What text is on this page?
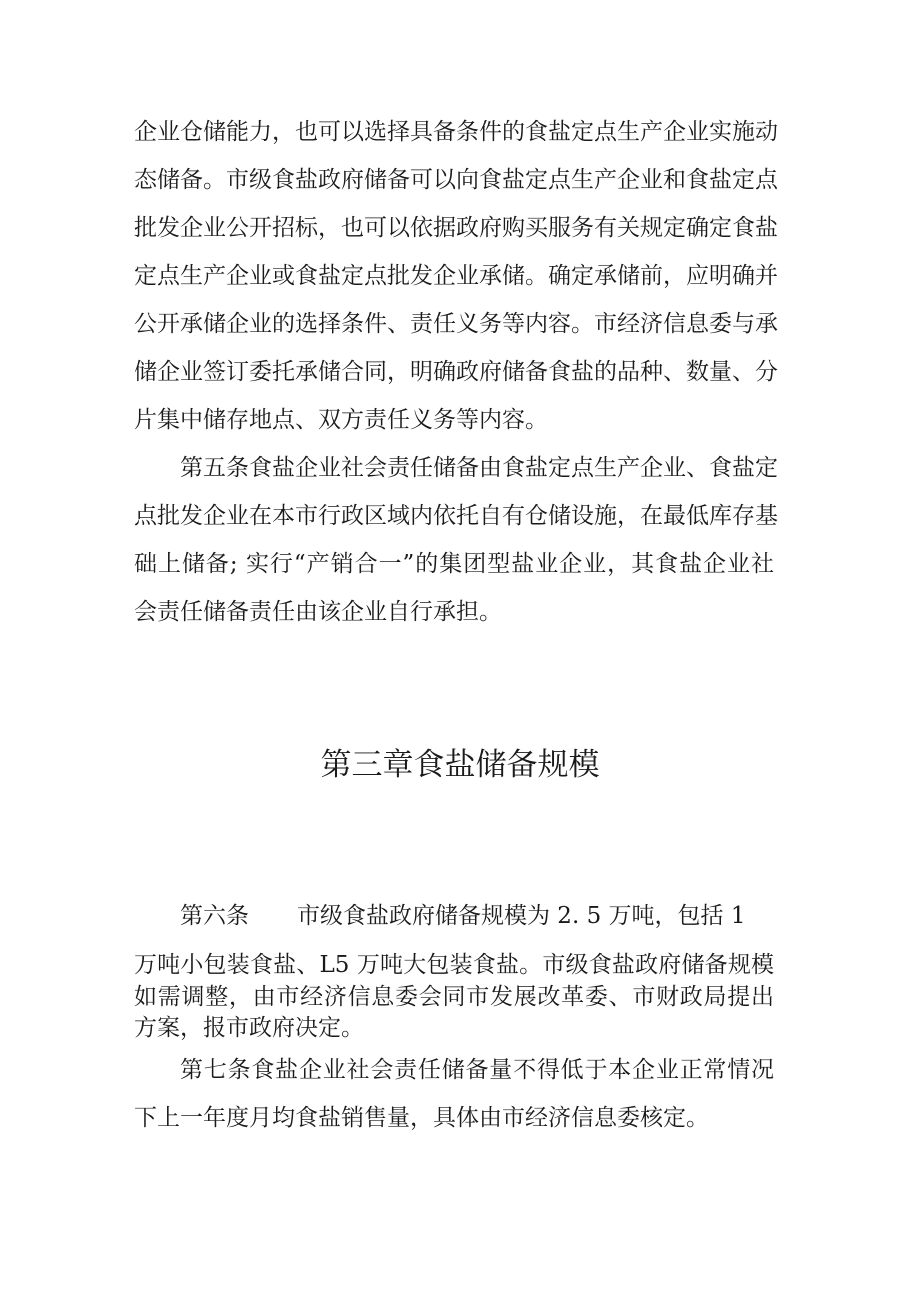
企业仓储能力，也可以选择具备条件的食盐定点生产企业实施动

态储备。市级食盐政府储备可以向食盐定点生产企业和食盐定点

批发企业公开招标，也可以依据政府购买服务有关规定确定食盐

定点生产企业或食盐定点批发企业承储。确定承储前，应明确并

公开承储企业的选择条件、责任义务等内容。市经济信息委与承

储企业签订委托承储合同，明确政府储备食盐的品种、数量、分

片集中储存地点、双方责任义务等内容。

第五条食盐企业社会责任储备由食盐定点生产企业、食盐定

点批发企业在本市行政区域内依托自有仓储设施，在最低库存基

础上储备; 实行“产销合一”的集团型盐业企业，其食盐企业社

会责任储备责任由该企业自行承担。

第三章食盐储备规模
第六条 市级食盐政府储备规模为 2. 5 万吨，包括 1

万吨小包装食盐、L5 万吨大包装食盐。市级食盐政府储备规模

如需调整，由市经济信息委会同市发展改革委、市财政局提出

方案，报市政府决定。

第七条食盐企业社会责任储备量不得低于本企业正常情况

下上一年度月均食盐销售量，具体由市经济信息委核定。
